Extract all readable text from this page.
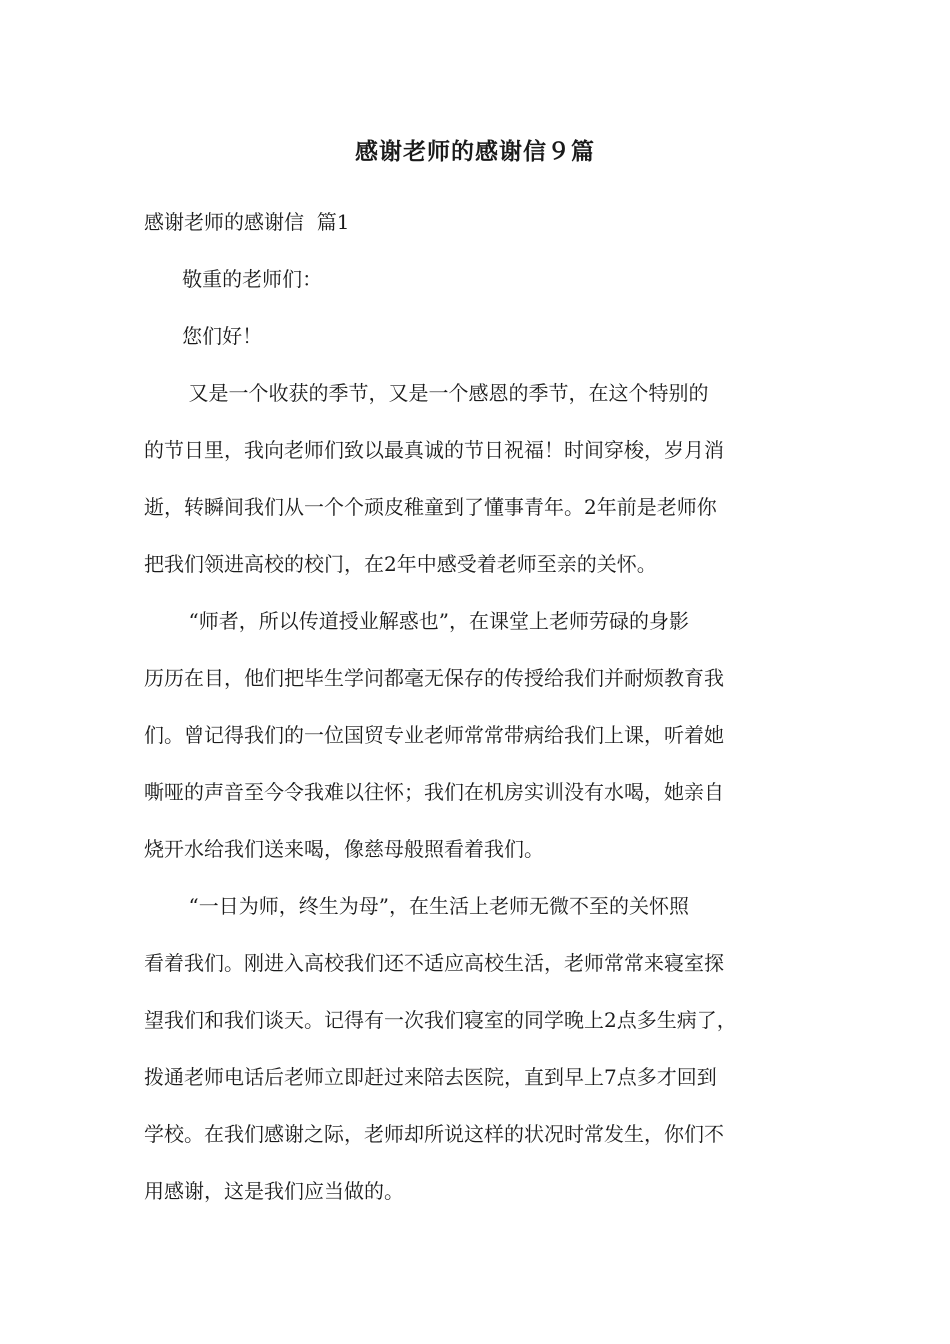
感谢老师的感谢信９篇
感谢老师的感谢信  篇1
敬重的老师们：
您们好！
又是一个收获的季节，又是一个感恩的季节，在这个特别的
的节日里，我向老师们致以最真诚的节日祝福！时间穿梭，岁月消
逝，转瞬间我们从一个个顽皮稚童到了懂事青年。2年前是老师你
把我们领进高校的校门，在2年中感受着老师至亲的关怀。
“师者，所以传道授业解惑也”，在课堂上老师劳碌的身影
历历在目，他们把毕生学问都毫无保存的传授给我们并耐烦教育我
们。曾记得我们的一位国贸专业老师常常带病给我们上课，听着她
嘶哑的声音至今令我难以往怀；我们在机房实训没有水喝，她亲自
烧开水给我们送来喝，像慈母般照看着我们。
“一日为师，终生为母”，在生活上老师无微不至的关怀照
看着我们。刚进入高校我们还不适应高校生活，老师常常来寝室探
望我们和我们谈天。记得有一次我们寝室的同学晚上2点多生病了，
拨通老师电话后老师立即赶过来陪去医院，直到早上7点多才回到
学校。在我们感谢之际，老师却所说这样的状况时常发生，你们不
用感谢，这是我们应当做的。
